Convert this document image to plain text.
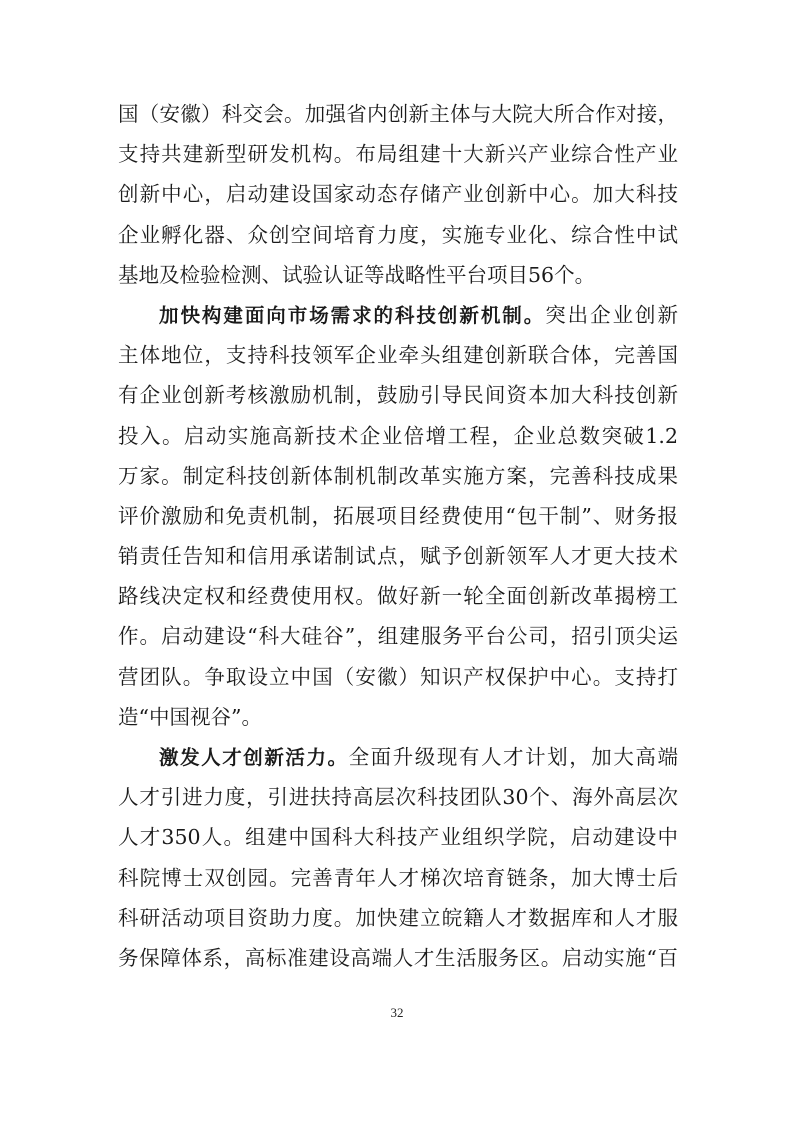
国（安徽）科交会。加强省内创新主体与大院大所合作对接，
支持共建新型研发机构。布局组建十大新兴产业综合性产业
创新中心，启动建设国家动态存储产业创新中心。加大科技
企业孵化器、众创空间培育力度，实施专业化、综合性中试
基地及检验检测、试验认证等战略性平台项目56个。
加快构建面向市场需求的科技创新机制。突出企业创新
主体地位，支持科技领军企业牵头组建创新联合体，完善国
有企业创新考核激励机制，鼓励引导民间资本加大科技创新
投入。启动实施高新技术企业倍增工程，企业总数突破1.2
万家。制定科技创新体制机制改革实施方案，完善科技成果
评价激励和免责机制，拓展项目经费使用“包干制”、财务报
销责任告知和信用承诺制试点，赋予创新领军人才更大技术
路线决定权和经费使用权。做好新一轮全面创新改革揭榜工
作。启动建设“科大硅谷”，组建服务平台公司，招引顶尖运
营团队。争取设立中国（安徽）知识产权保护中心。支持打
造“中国视谷”。
激发人才创新活力。全面升级现有人才计划，加大高端
人才引进力度，引进扶持高层次科技团队30个、海外高层次
人才350人。组建中国科大科技产业组织学院，启动建设中
科院博士双创园。完善青年人才梯次培育链条，加大博士后
科研活动项目资助力度。加快建立皖籍人才数据库和人才服
务保障体系，高标准建设高端人才生活服务区。启动实施“百
32
